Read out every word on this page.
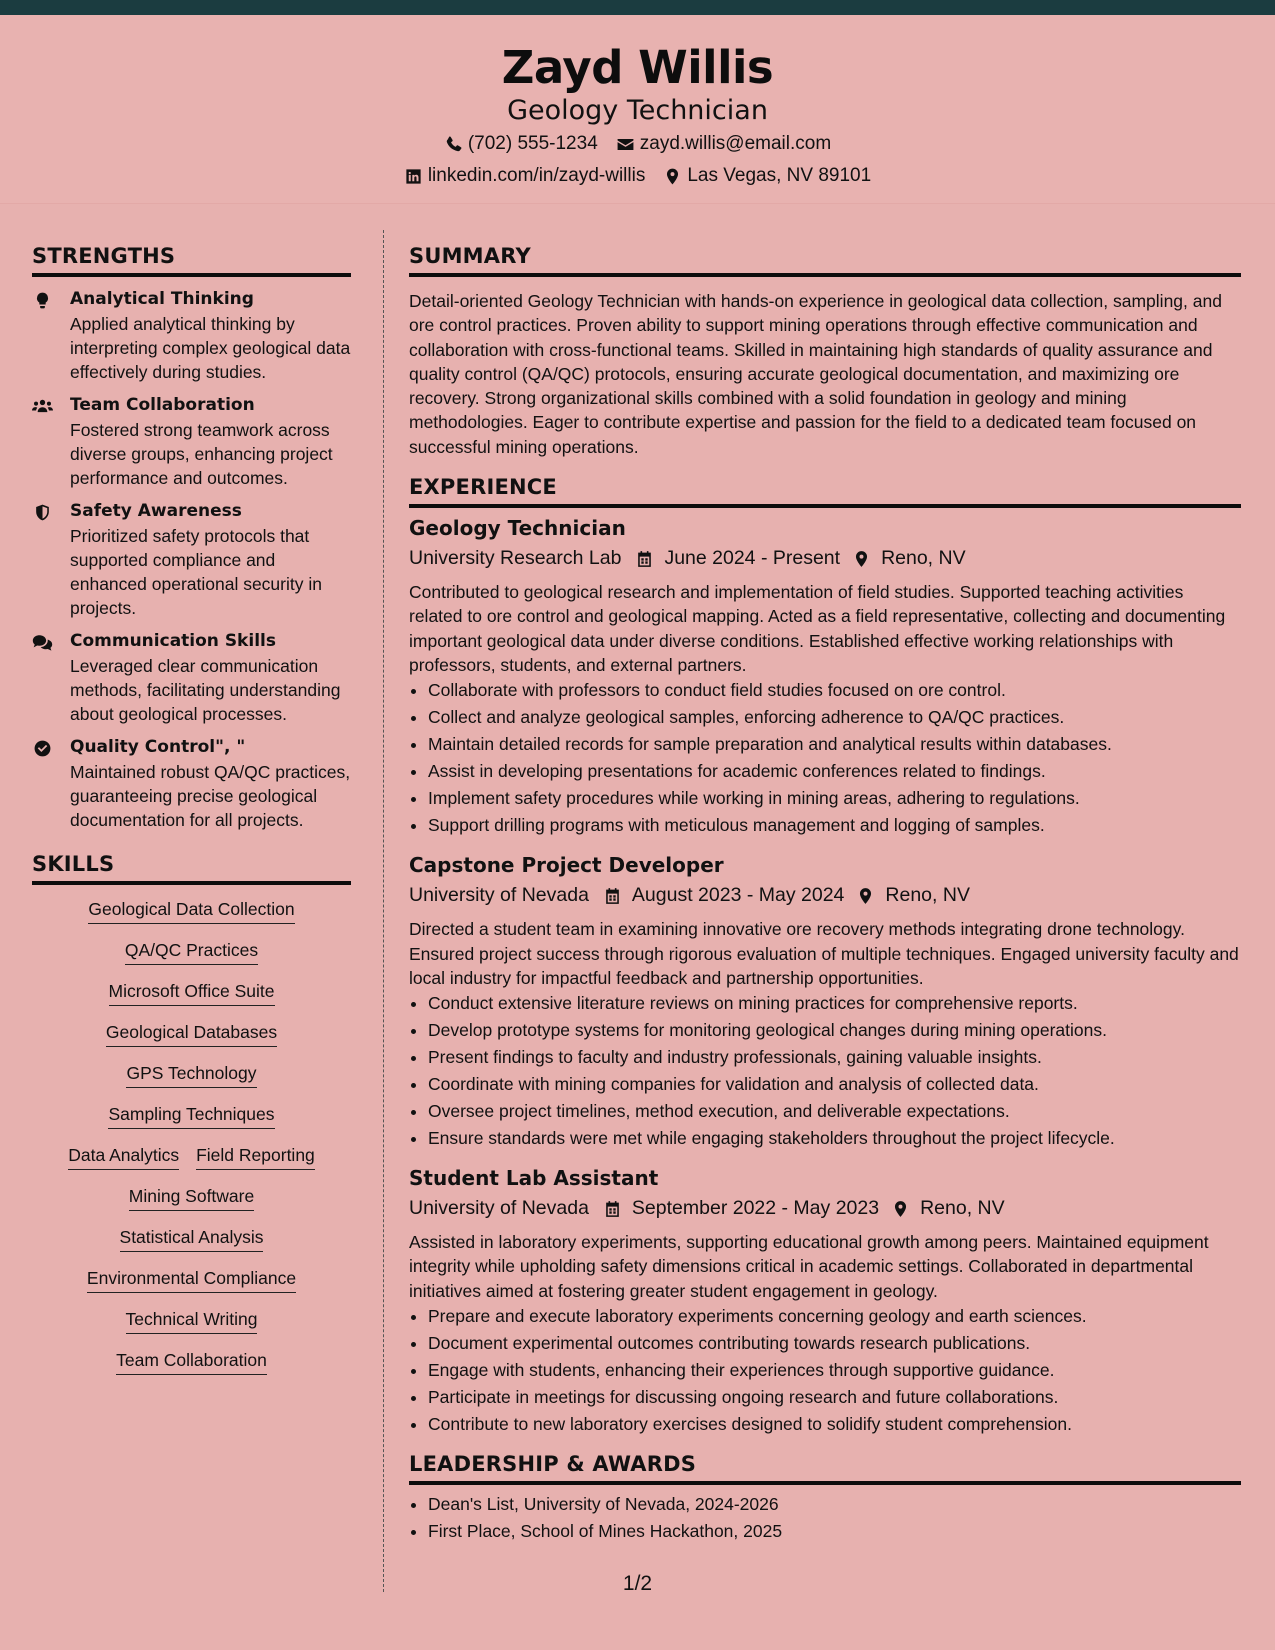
Zayd Willis
Geology Technician
(702) 555-1234 zayd.willis@email.com
linkedin.com/in/zayd-willis Las Vegas, NV 89101
STRENGTHS
Analytical Thinking
Applied analytical thinking by interpreting complex geological data effectively during studies.
Team Collaboration
Fostered strong teamwork across diverse groups, enhancing project performance and outcomes.
Safety Awareness
Prioritized safety protocols that supported compliance and enhanced operational security in projects.
Communication Skills
Leveraged clear communication methods, facilitating understanding about geological processes.
Quality Control", "
Maintained robust QA/QC practices, guaranteeing precise geological documentation for all projects.
SKILLS
Geological Data Collection
QA/QC Practices
Microsoft Office Suite
Geological Databases
GPS Technology
Sampling Techniques
Data Analytics Field Reporting
Mining Software
Statistical Analysis
Environmental Compliance
Technical Writing
Team Collaboration
SUMMARY
Detail-oriented Geology Technician with hands-on experience in geological data collection, sampling, and ore control practices. Proven ability to support mining operations through effective communication and collaboration with cross-functional teams. Skilled in maintaining high standards of quality assurance and quality control (QA/QC) protocols, ensuring accurate geological documentation, and maximizing ore recovery. Strong organizational skills combined with a solid foundation in geology and mining methodologies. Eager to contribute expertise and passion for the field to a dedicated team focused on successful mining operations.
EXPERIENCE
Geology Technician
University Research Lab June 2024 - Present Reno, NV
Contributed to geological research and implementation of field studies. Supported teaching activities related to ore control and geological mapping. Acted as a field representative, collecting and documenting important geological data under diverse conditions. Established effective working relationships with professors, students, and external partners.
• Collaborate with professors to conduct field studies focused on ore control.
• Collect and analyze geological samples, enforcing adherence to QA/QC practices.
• Maintain detailed records for sample preparation and analytical results within databases.
• Assist in developing presentations for academic conferences related to findings.
• Implement safety procedures while working in mining areas, adhering to regulations.
• Support drilling programs with meticulous management and logging of samples.
Capstone Project Developer
University of Nevada August 2023 - May 2024 Reno, NV
Directed a student team in examining innovative ore recovery methods integrating drone technology. Ensured project success through rigorous evaluation of multiple techniques. Engaged university faculty and local industry for impactful feedback and partnership opportunities.
• Conduct extensive literature reviews on mining practices for comprehensive reports.
• Develop prototype systems for monitoring geological changes during mining operations.
• Present findings to faculty and industry professionals, gaining valuable insights.
• Coordinate with mining companies for validation and analysis of collected data.
• Oversee project timelines, method execution, and deliverable expectations.
• Ensure standards were met while engaging stakeholders throughout the project lifecycle.
Student Lab Assistant
University of Nevada September 2022 - May 2023 Reno, NV
Assisted in laboratory experiments, supporting educational growth among peers. Maintained equipment integrity while upholding safety dimensions critical in academic settings. Collaborated in departmental initiatives aimed at fostering greater student engagement in geology.
• Prepare and execute laboratory experiments concerning geology and earth sciences.
• Document experimental outcomes contributing towards research publications.
• Engage with students, enhancing their experiences through supportive guidance.
• Participate in meetings for discussing ongoing research and future collaborations.
• Contribute to new laboratory exercises designed to solidify student comprehension.
LEADERSHIP & AWARDS
• Dean's List, University of Nevada, 2024-2026
• First Place, School of Mines Hackathon, 2025
1/2
